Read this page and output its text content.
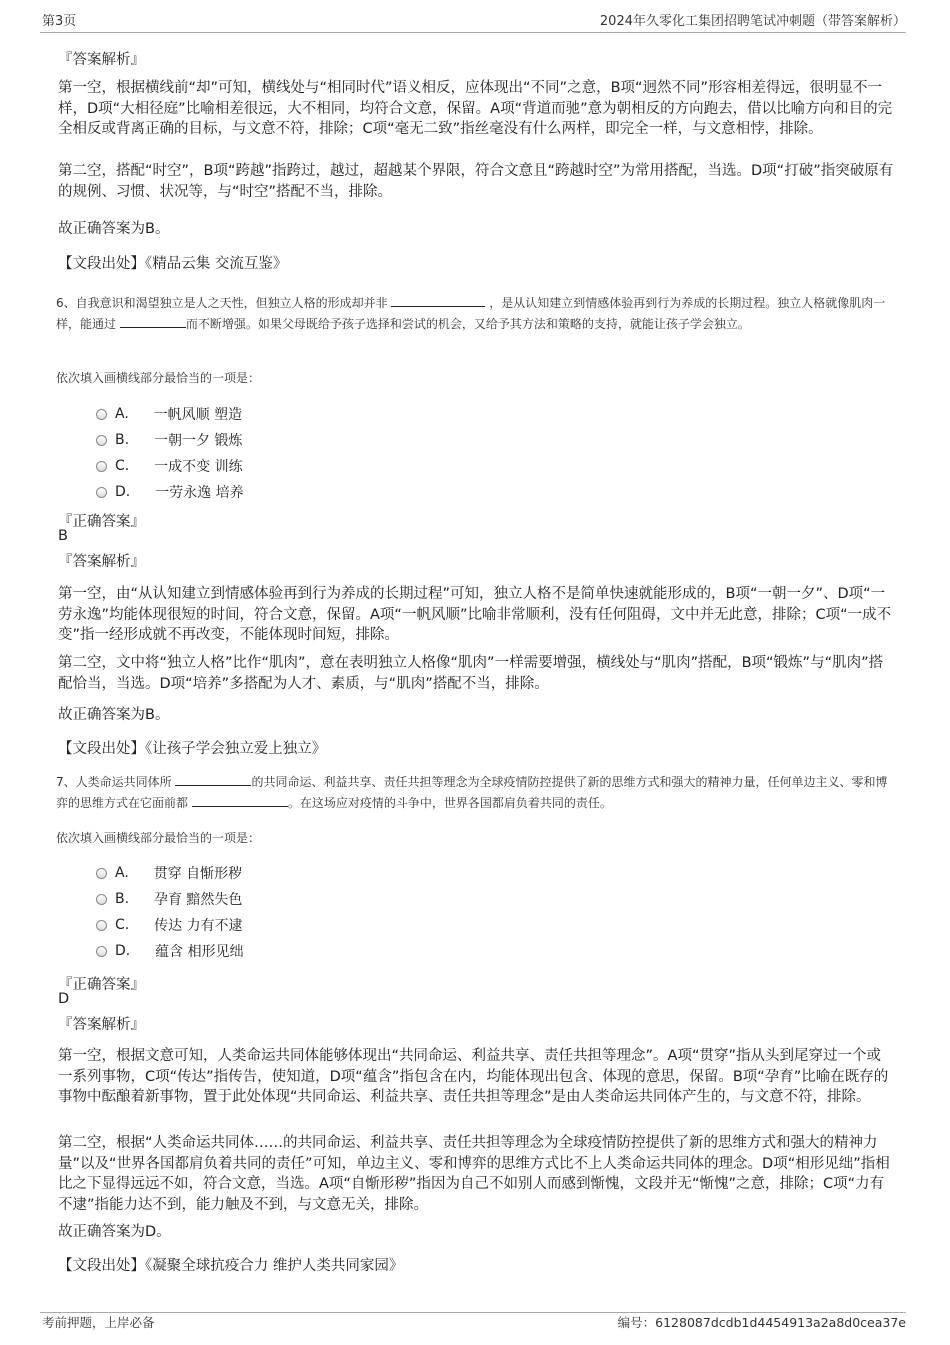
第3页	2024年久零化工集团招聘笔试冲刺题（带答案解析）
『答案解析』
第一空，根据横线前“却”可知，横线处与“相同时代”语义相反，应体现出“不同”之意，B项“迥然不同”形容相差得远，很明显不一样，D项“大相径庭”比喻相差很远，大不相同，均符合文意，保留。A项“背道而驰”意为朝相反的方向跑去，借以比喻方向和目的完全相反或背离正确的目标，与文意不符，排除；C项“毫无二致”指丝毫没有什么两样，即完全一样，与文意相悖，排除。
第二空，搭配“时空”，B项“跨越”指跨过，越过，超越某个界限，符合文意且“跨越时空”为常用搭配，当选。D项“打破”指突破原有的规例、习惯、状况等，与“时空”搭配不当，排除。
故正确答案为B。
【文段出处】《精品云集 交流互鉴》
6、自我意识和渴望独立是人之天性，但独立人格的形成却并非	，是从认知建立到情感体验再到行为养成的长期过程。独立人格就像肌肉一样，能通过	而不断增强。如果父母既给予孩子选择和尝试的机会，又给予其方法和策略的支持，就能让孩子学会独立。
依次填入画横线部分最恰当的一项是：
A.
一帆风顺 塑造
B.
一朝一夕 锻炼
C.
一成不变 训练
D.
一劳永逸 培养
『正确答案』
B
『答案解析』
第一空，由“从认知建立到情感体验再到行为养成的长期过程”可知，独立人格不是简单快速就能形成的，B项“一朝一夕”、D项“一劳永逸”均能体现很短的时间，符合文意，保留。A项“一帆风顺”比喻非常顺利，没有任何阻碍，文中并无此意，排除；C项“一成不变”指一经形成就不再改变，不能体现时间短，排除。
第二空，文中将“独立人格”比作“肌肉”，意在表明独立人格像“肌肉”一样需要增强，横线处与“肌肉”搭配，B项“锻炼”与“肌肉”搭配恰当，当选。D项“培养”多搭配为人才、素质，与“肌肉”搭配不当，排除。
故正确答案为B。
【文段出处】《让孩子学会独立爱上独立》
7、人类命运共同体所	的共同命运、利益共享、责任共担等理念为全球疫情防控提供了新的思维方式和强大的精神力量，任何单边主义、零和博弈的思维方式在它面前都	。在这场应对疫情的斗争中，世界各国都肩负着共同的责任。
依次填入画横线部分最恰当的一项是：
A.
贯穿 自惭形秽
B.
孕育 黯然失色
C.
传达 力有不逮
D.
蕴含 相形见绌
『正确答案』
D
『答案解析』
第一空，根据文意可知，人类命运共同体能够体现出“共同命运、利益共享、责任共担等理念”。A项“贯穿”指从头到尾穿过一个或一系列事物，C项“传达”指传告，使知道，D项“蕴含”指包含在内，均能体现出包含、体现的意思，保留。B项“孕育”比喻在既存的事物中酝酿着新事物，置于此处体现“共同命运、利益共享、责任共担等理念”是由人类命运共同体产生的，与文意不符，排除。
第二空，根据“人类命运共同体……的共同命运、利益共享、责任共担等理念为全球疫情防控提供了新的思维方式和强大的精神力量”以及“世界各国都肩负着共同的责任”可知，单边主义、零和博弈的思维方式比不上人类命运共同体的理念。D项“相形见绌”指相比之下显得远远不如，符合文意，当选。A项“自惭形秽”指因为自己不如别人而感到惭愧，文段并无“惭愧”之意，排除；C项“力有不逮”指能力达不到，能力触及不到，与文意无关，排除。
故正确答案为D。
【文段出处】《凝聚全球抗疫合力 维护人类共同家园》
考前押题，上岸必备	编号：6128087dcdb1d4454913a2a8d0cea37e
